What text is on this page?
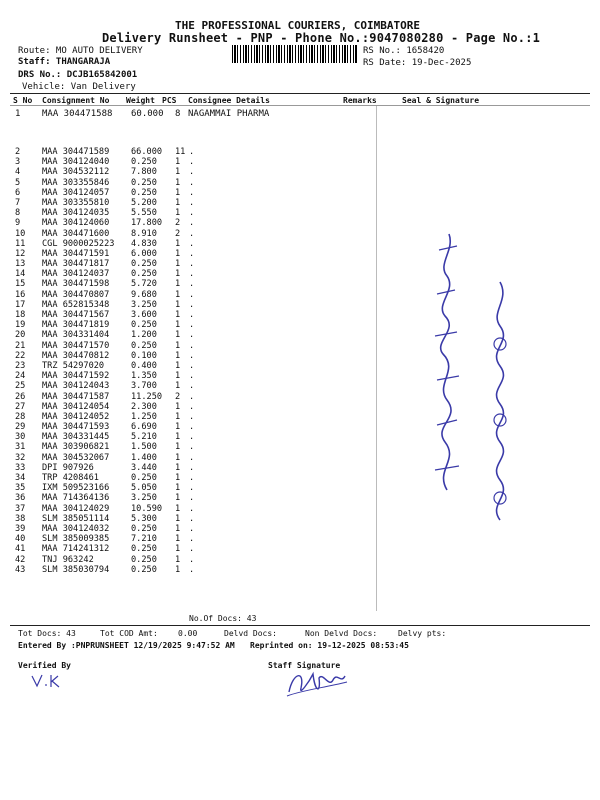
THE PROFESSIONAL COURIERS, COIMBATORE
Delivery Runsheet - PNP - Phone No.:9047080280 - Page No.:1
Route: MO AUTO DELIVERY
Staff: THANGARAJA
DRS No.: DCJB165842001
Vehicle: Van Delivery
RS No.: 1658420
RS Date: 19-Dec-2025
S No Consignment No Weight PCS Consignee Details	Remarks	Seal & Signature
1 MAA 304471588 60.000 8 NAGAMMAI PHARMA
2	MAA 304471589	66.000 11 .
3	MAA 304124040	0.250 1 .
4	MAA 304532112	7.800 1 .
5	MAA 303355846	0.250 1 .
6	MAA 304124057	0.250 1 .
7	MAA 303355810	5.200 1 .
8	MAA 304124035	5.550 1 .
9	MAA 304124060	17.800 2 .
10 MAA 304471600	8.910 2 .
11 CGL 9000025223 4.830 1 .
12 MAA 304471591	6.000 1 .
13 MAA 304471817	0.250 1 .
14 MAA 304124037	0.250 1 .
15 MAA 304471598	5.720 1 .
16 MAA 304470807	9.680 1 .
17 MAA 652815348	3.250 1 .
18 MAA 304471567	3.600 1 .
19 MAA 304471819	0.250 1 .
20 MAA 304331404	1.200 1 .
21 MAA 304471570	0.250 1 .
22 MAA 304470812	0.100 1 .
23 TRZ 54297020	0.400 1 .
24 MAA 304471592	1.350 1 .
25 MAA 304124043	3.700 1 .
26 MAA 304471587	11.250 2 .
27 MAA 304124054	2.300 1 .
28 MAA 304124052	1.250 1 .
29 MAA 304471593	6.690 1 .
30 MAA 304331445	5.210 1 .
31 MAA 303906821	1.500 1 .
32 MAA 304532067	1.400 1 .
33 DPI 907926	3.440 1 .
34 TRP 4208461	0.250 1 .
35 IXM 509523166	5.050 1 .
36 MAA 714364136	3.250 1 .
37 MAA 304124029	10.590 1 .
38 SLM 385051114	5.300 1 .
39 MAA 304124032	0.250 1 .
40 SLM 385009385	7.210 1 .
41 MAA 714241312	0.250 1 .
42 TNJ 963242	0.250 1 .
43 SLM 385030794	0.250 1 .
No.Of Docs: 43
Tot Docs: 43	Tot COD Amt:	0.00	Delvd Docs:	Non Delvd Docs:	Delvy pts:
Entered By :PNPRUNSHEET 12/19/2025 9:47:52 AM Reprinted on: 19-12-2025 08:53:45
Verified By	Staff Signature
